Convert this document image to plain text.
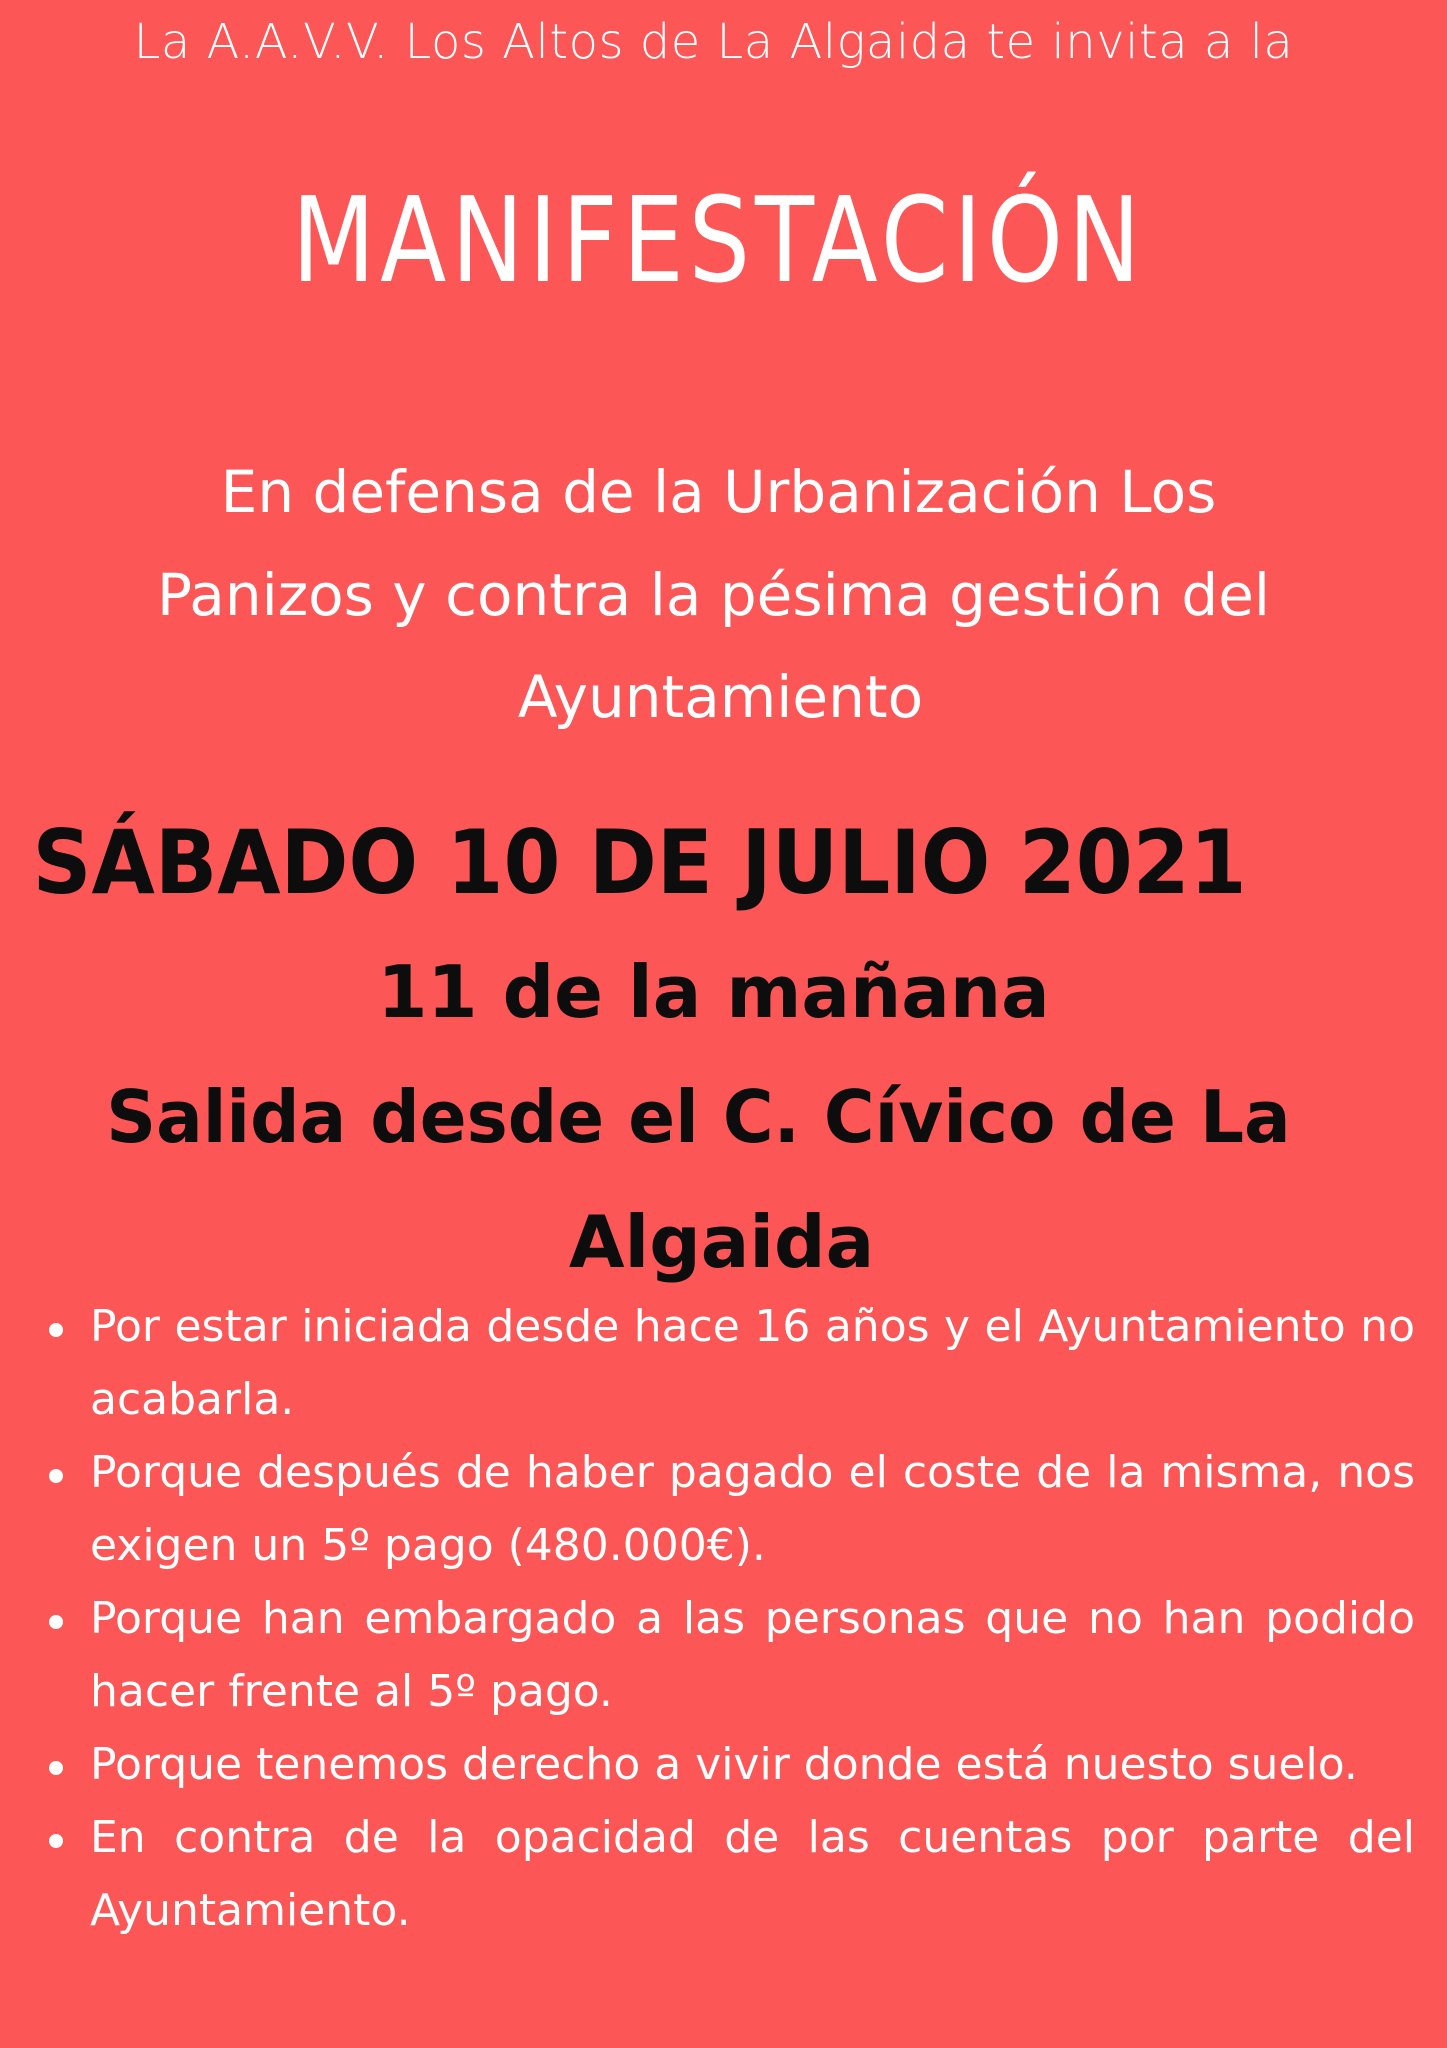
La A.A.V.V. Los Altos de La Algaida te invita a la

MANIFESTACIÓN

En defensa de la Urbanización Los

Panizos y contra la pésima gestión del

Ayuntamiento

SÁBADO 10 DE JULIO 2021

11 de la mañana

Salida desde el C. Cívico de La

Algaida

Por estar iniciada desde hace 16 años y el Ayuntamiento no acabarla.
Porque después de haber pagado el coste de la misma, nos exigen un 5º pago (480.000€).
Porque han embargado a las personas que no han podido hacer frente al 5º pago.
Porque tenemos derecho a vivir donde está nuesto suelo.
En contra de la opacidad de las cuentas por parte del Ayuntamiento.
